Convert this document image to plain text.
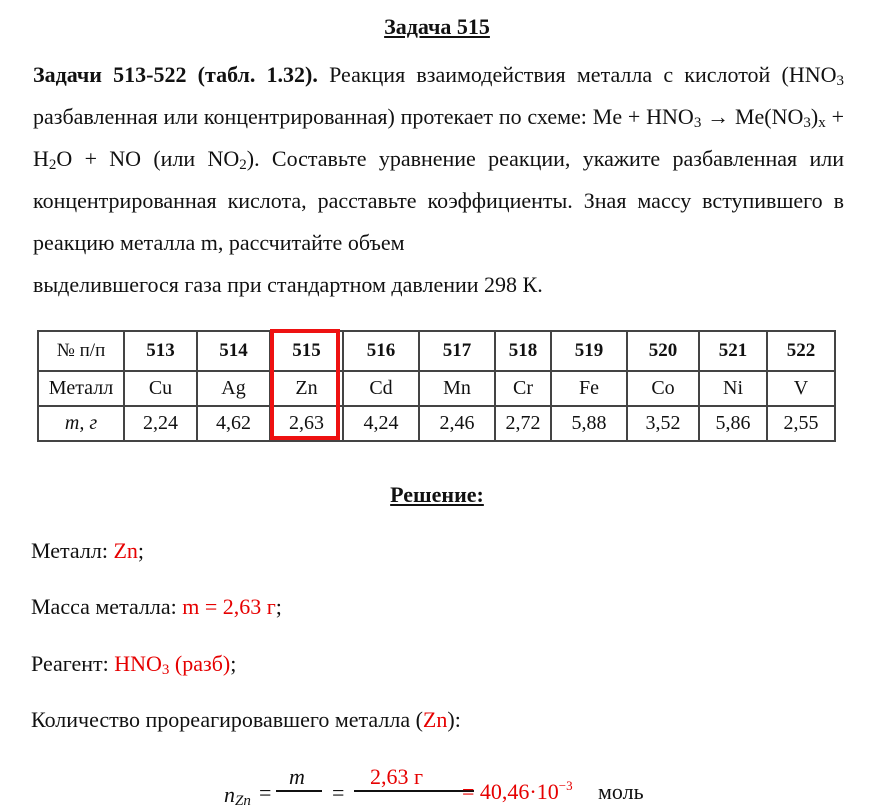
Задача 515
Задачи 513-522 (табл. 1.32). Реакция взаимодействия металла с кислотой ($HNO_3$ разбавленная или концентрированная) протекает по схеме: $Me + HNO_3 \to Me(NO_3)_x + H_2O$ + NO (или $NO_2$). Составьте уравнение реакции, укажите разбавленная или концентрированная кислота, расставьте коэффициенты. Зная массу вступившего в реакцию металла m, рассчитайте объем
выделившегося газа при стандартном давлении 298 К.
№ п/п	513	514	515	516	517	518	519	520	521	522
Металл	Cu	Ag	Zn	Cd	Mn	Cr	Fe	Co	Ni	V
m, г	2,24	4,62	2,63	4,24	2,46	2,72	5,88	3,52	5,86	2,55
Решение:
Металл: Zn;
Масса металла: m = 2,63 г;
Реагент: $HNO_3$ (разб);
Количество прореагировавшего металла (Zn):
$n_{Zn}$ =
m
=
2,63 г
= $40,46\cdot 10^{-3}$ моль
